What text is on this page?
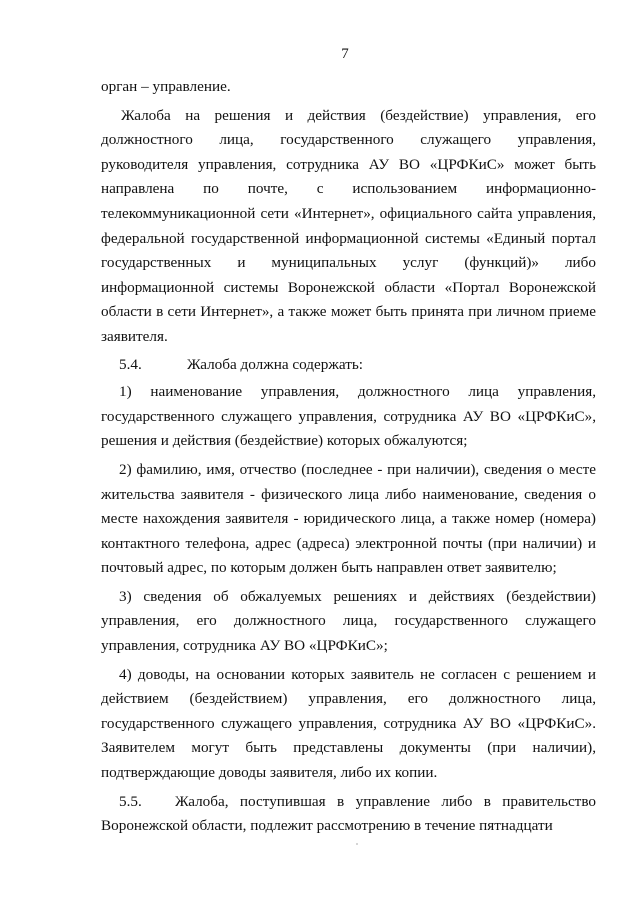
7

орган – управление.

Жалоба на решения и действия (бездействие) управления, его должностного лица, государственного служащего управления, руководителя управления, сотрудника АУ ВО «ЦРФКиС» может быть направлена по почте, с использованием информационно-телекоммуникационной сети «Интернет», официального сайта управления, федеральной государственной информационной системы «Единый портал государственных и муниципальных услуг (функций)» либо информационной системы Воронежской области «Портал Воронежской области в сети Интернет», а также может быть принята при личном приеме заявителя.

5.4.	Жалоба должна содержать:

1) наименование управления, должностного лица управления, государственного служащего управления, сотрудника АУ ВО «ЦРФКиС», решения и действия (бездействие) которых обжалуются;

2) фамилию, имя, отчество (последнее - при наличии), сведения о месте жительства заявителя - физического лица либо наименование, сведения о месте нахождения заявителя - юридического лица, а также номер (номера) контактного телефона, адрес (адреса) электронной почты (при наличии) и почтовый адрес, по которым должен быть направлен ответ заявителю;

3) сведения об обжалуемых решениях и действиях (бездействии) управления, его должностного лица, государственного служащего управления, сотрудника АУ ВО «ЦРФКиС»;

4) доводы, на основании которых заявитель не согласен с решением и действием (бездействием) управления, его должностного лица, государственного служащего управления, сотрудника АУ ВО «ЦРФКиС». Заявителем могут быть представлены документы (при наличии), подтверждающие доводы заявителя, либо их копии.

5.5. Жалоба, поступившая в управление либо в правительство Воронежской области, подлежит рассмотрению в течение пятнадцати
